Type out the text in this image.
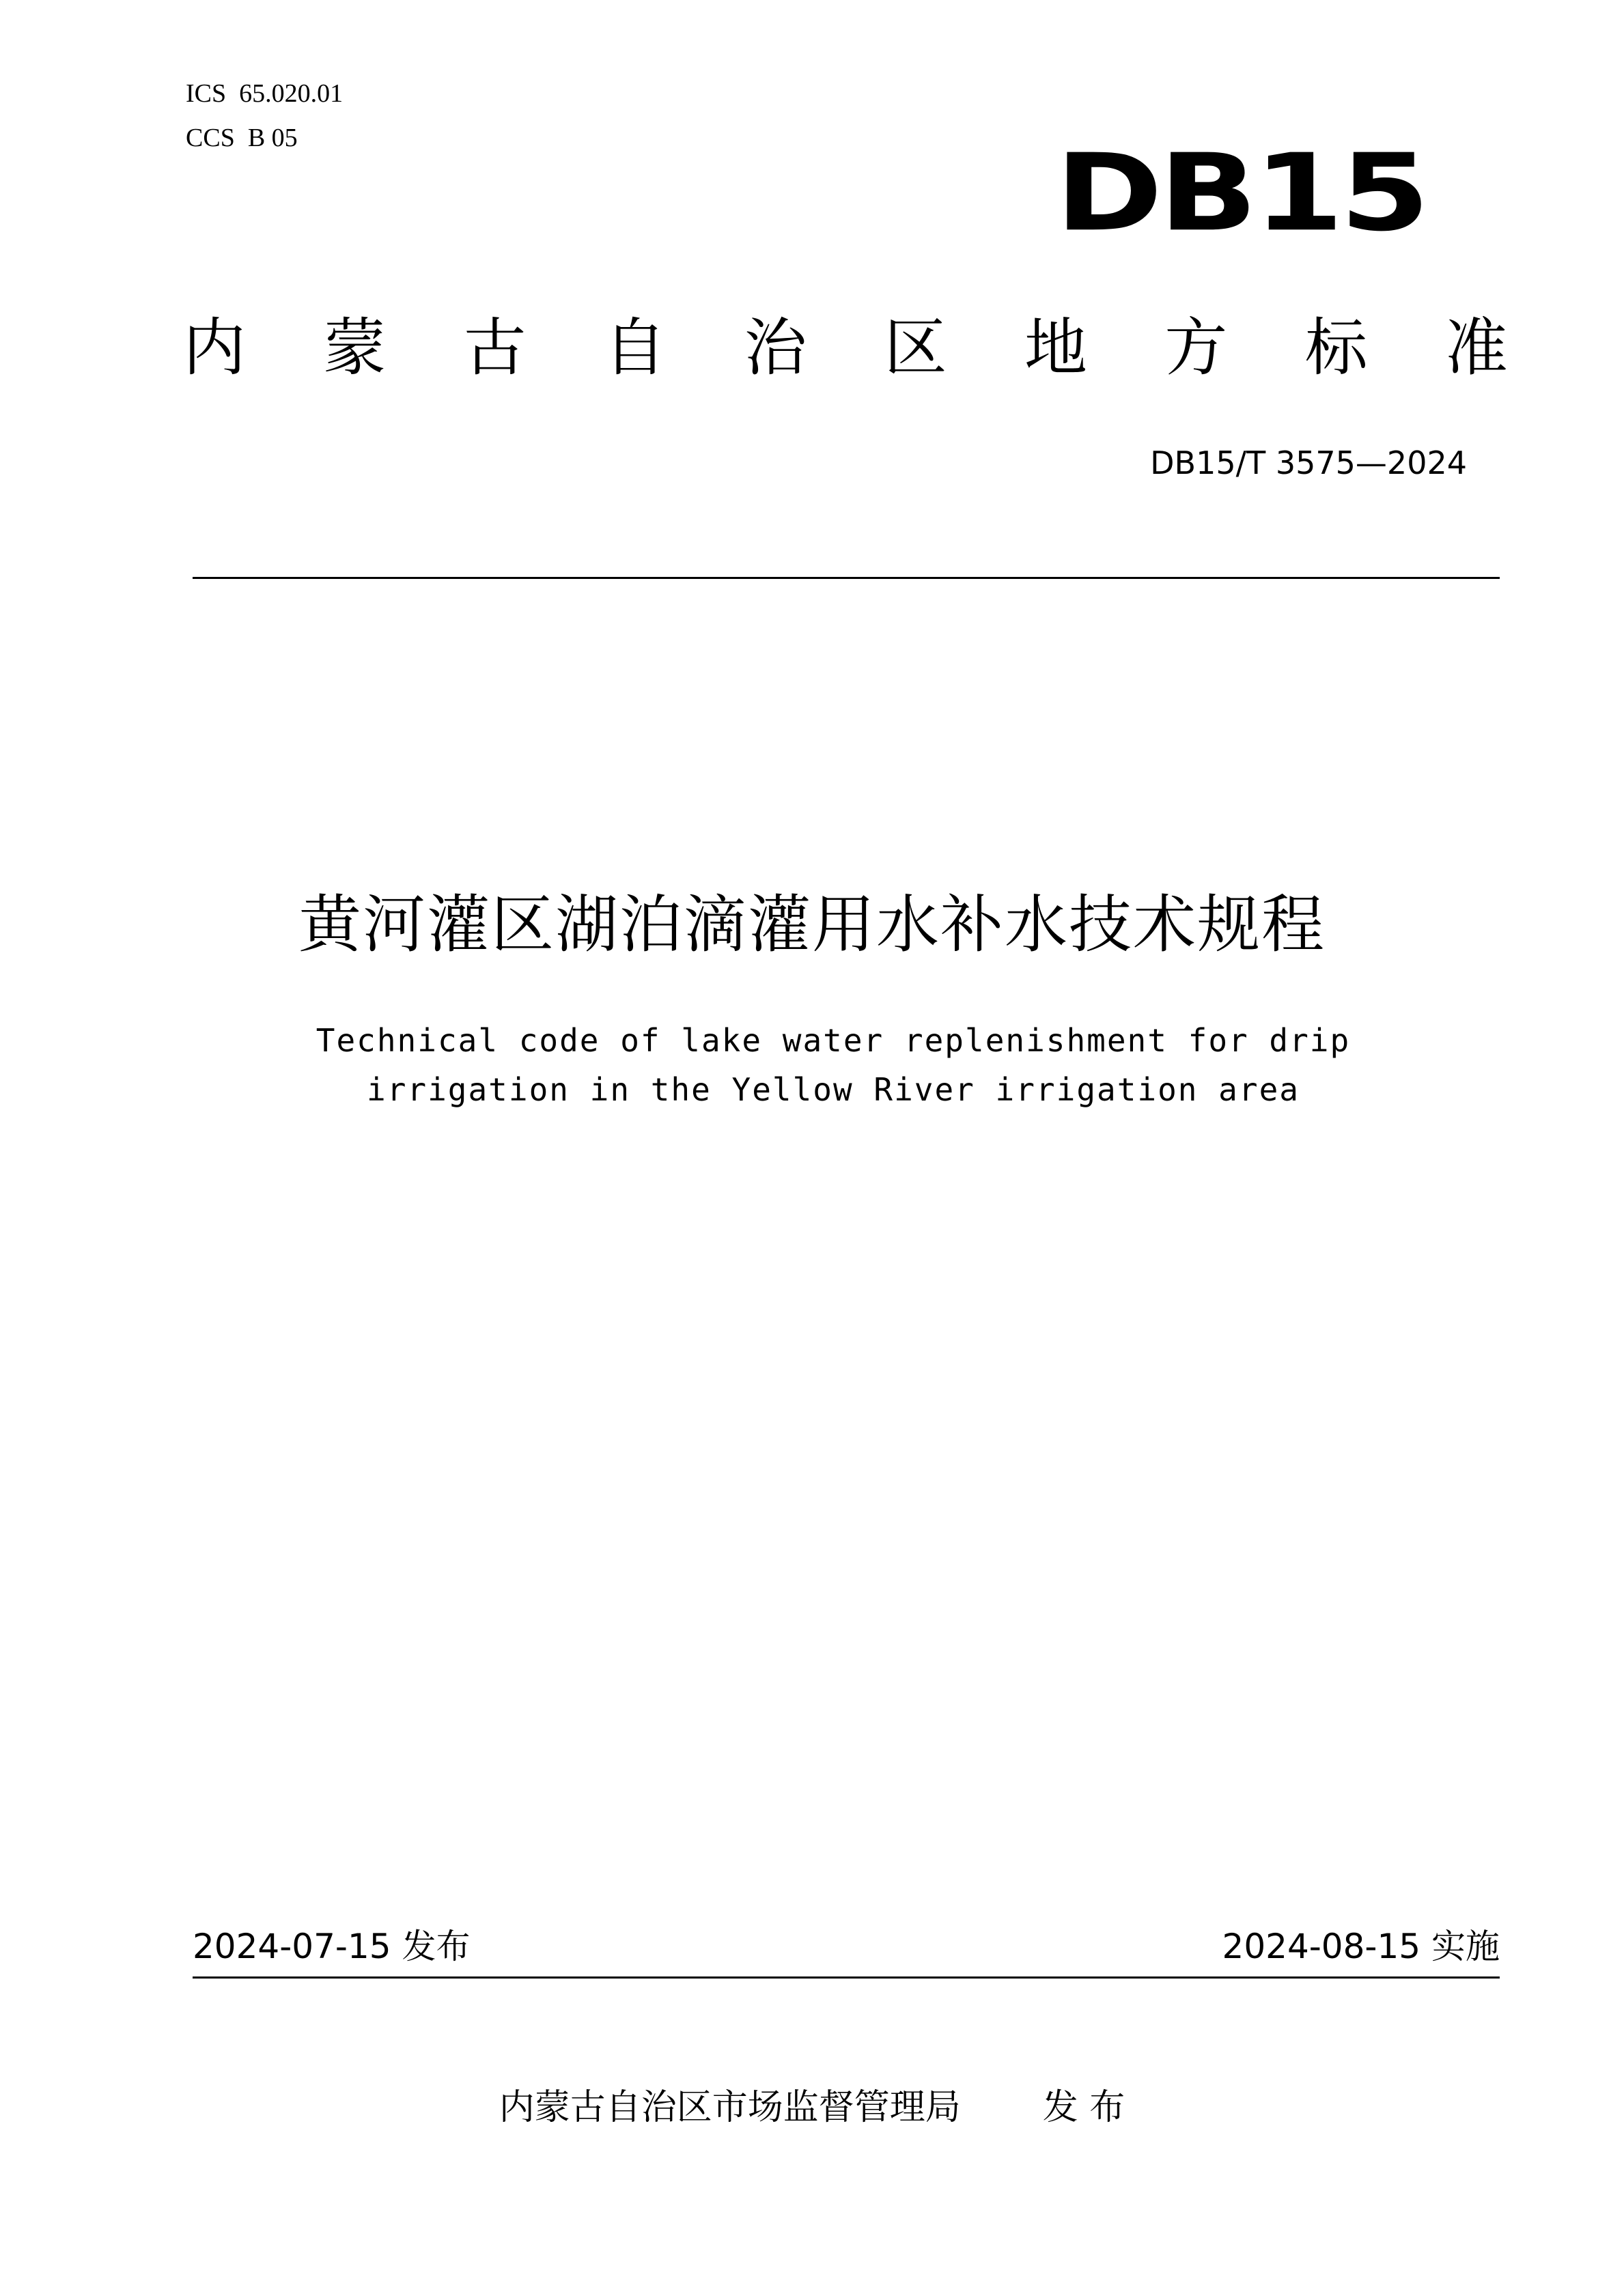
ICS  65.020.01
CCS  B 05	DB15
内 蒙 古 自 治 区 地 方 标 准
DB15/T 3575—2024
黄河灌区湖泊滴灌用水补水技术规程
Technical code of lake water replenishment for drip irrigation in the Yellow River irrigation area
2024-07-15 发布	2024-08-15 实施
内蒙古自治区市场监督管理局 发 布
